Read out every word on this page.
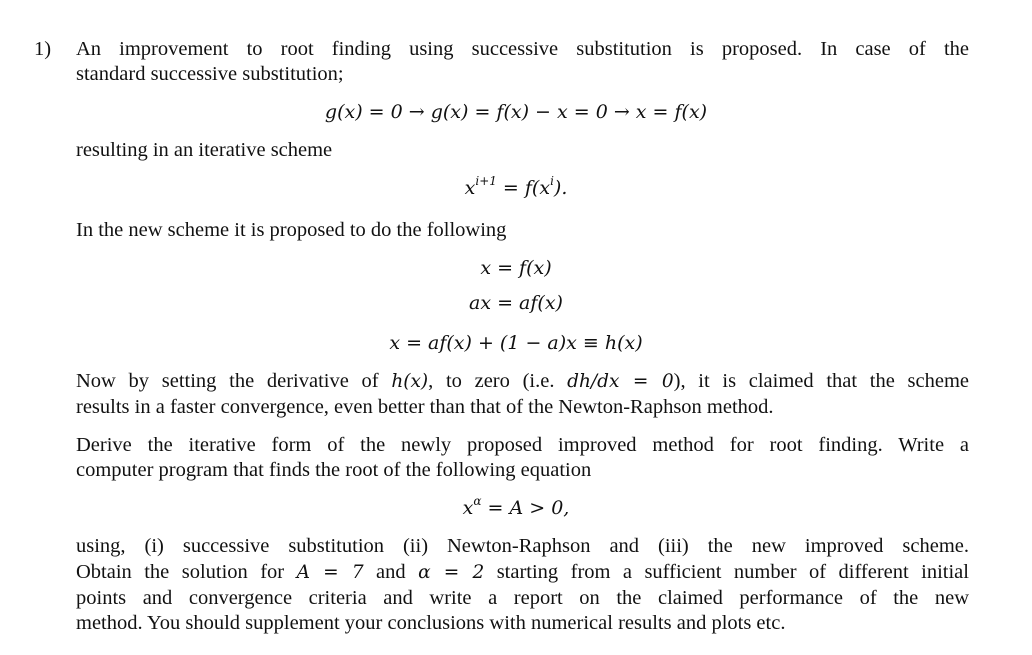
1) An improvement to root finding using successive substitution is proposed. In case of the
standard successive substitution;
g(x) = 0 → g(x) = f(x) − x = 0 → x = f(x)
resulting in an iterative scheme
$x^{i+1} = f(x^i)$.
In the new scheme it is proposed to do the following
x = f(x)
ax = af(x)
x = af(x) + (1 − a)x ≡ h(x)
Now by setting the derivative of h(x), to zero (i.e. dh/dx = 0), it is claimed that the scheme
results in a faster convergence, even better than that of the Newton-Raphson method.
Derive the iterative form of the newly proposed improved method for root finding. Write a
computer program that finds the root of the following equation
$x^\alpha = A > 0$,
using, (i) successive substitution (ii) Newton-Raphson and (iii) the new improved scheme.
Obtain the solution for A = 7 and α = 2 starting from a sufficient number of different initial
points and convergence criteria and write a report on the claimed performance of the new
method. You should supplement your conclusions with numerical results and plots etc.
